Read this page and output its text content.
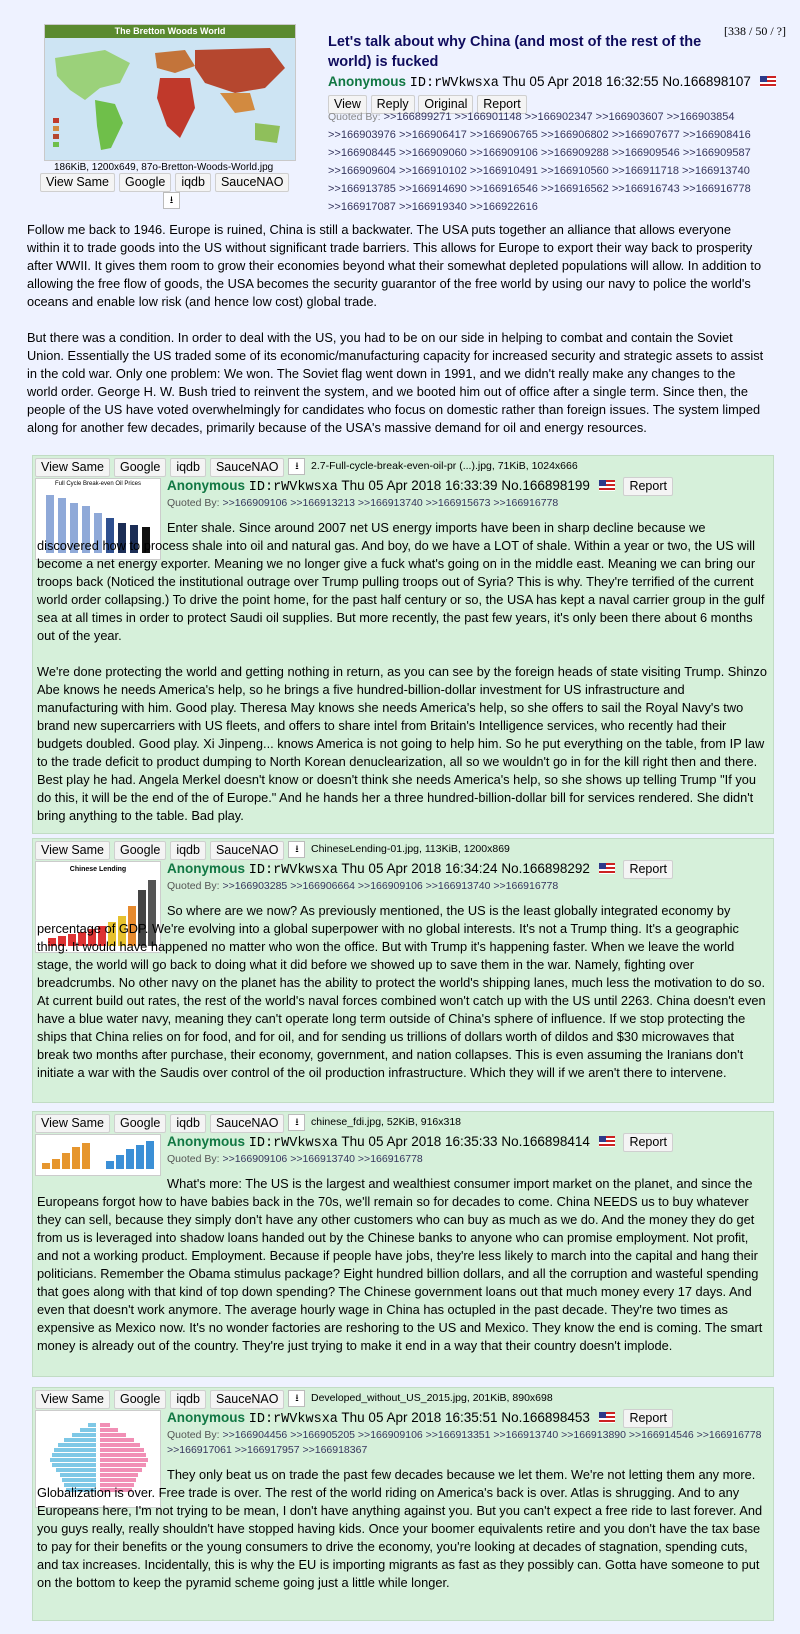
[338 / 50 / ?]
The Bretton Woods World
186KiB, 1200x649, 87o-Bretton-Woods-World.jpg
View Same	Google	iqdb	SauceNAO
⭳
Let's talk about why China (and most of the rest of the world) is fucked
Anonymous ID:rWVkwsxa Thu 05 Apr 2018 16:32:55 No.166898107  View Reply Original Report
Quoted By: >>166899271 >>166901148 >>166902347 >>166903607 >>166903854 >>166903976 >>166906417 >>166906765 >>166906802 >>166907677 >>166908416 >>166908445 >>166909060 >>166909106 >>166909288 >>166909546 >>166909587 >>166909604 >>166910102 >>166910491 >>166910560 >>166911718 >>166913740 >>166913785 >>166914690 >>166916546 >>166916562 >>166916743 >>166916778 >>166917087 >>166919340 >>166922616
Follow me back to 1946. Europe is ruined, China is still a backwater. The USA puts together an alliance that allows everyone within it to trade goods into the US without significant trade barriers. This allows for Europe to export their way back to prosperity after WWII. It gives them room to grow their economies beyond what their somewhat depleted populations will allow. In addition to allowing the free flow of goods, the USA becomes the security guarantor of the free world by using our navy to police the world's oceans and enable low risk (and hence low cost) global trade.
But there was a condition. In order to deal with the US, you had to be on our side in helping to combat and contain the Soviet Union. Essentially the US traded some of its economic/manufacturing capacity for increased security and strategic assets to assist in the cold war. Only one problem: We won. The Soviet flag went down in 1991, and we didn't really make any changes to the world order. George H. W. Bush tried to reinvent the system, and we booted him out of office after a single term. Since then, the people of the US have voted overwhelmingly for candidates who focus on domestic rather than foreign issues. The system limped along for another few decades, primarily because of the USA's massive demand for oil and energy resources.
View Same	Google	iqdb	SauceNAO	⭳	2.7-Full-cycle-break-even-oil-pr (...).jpg, 71KiB, 1024x666
Full Cycle Break-even Oil Prices	Anonymous ID:rWVkwsxa Thu 05 Apr 2018 16:33:39 No.166898199	Report
Quoted By: >>166909106 >>166913213 >>166913740 >>166915673 >>166916778
Enter shale. Since around 2007 net US energy imports have been in sharp decline because we discovered how to process shale into oil and natural gas. And boy, do we have a LOT of shale. Within a year or two, the US will become a net energy exporter. Meaning we no longer give a fuck what's going on in the middle east. Meaning we can bring our troops back (Noticed the institutional outrage over Trump pulling troops out of Syria? This is why. They're terrified of the current world order collapsing.) To drive the point home, for the past half century or so, the USA has kept a naval carrier group in the gulf sea at all times in order to protect Saudi oil supplies. But more recently, the past few years, it's only been there about 6 months out of the year.
We're done protecting the world and getting nothing in return, as you can see by the foreign heads of state visiting Trump. Shinzo Abe knows he needs America's help, so he brings a five hundred-billion-dollar investment for US infrastructure and manufacturing with him. Good play. Theresa May knows she needs America's help, so she offers to sail the Royal Navy's two brand new supercarriers with US fleets, and offers to share intel from Britain's Intelligence services, who recently had their budgets doubled. Good play. Xi Jinpeng... knows America is not going to help him. So he put everything on the table, from IP law to the trade deficit to product dumping to North Korean denuclearization, all so we wouldn't go in for the kill right then and there. Best play he had. Angela Merkel doesn't know or doesn't think she needs America's help, so she shows up telling Trump "If you do this, it will be the end of the of Europe." And he hands her a three hundred-billion-dollar bill for services rendered. She didn't bring anything to the table. Bad play.
View Same	Google	iqdb	SauceNAO	⭳	ChineseLending-01.jpg, 113KiB, 1200x869
Chinese Lending	Anonymous ID:rWVkwsxa Thu 05 Apr 2018 16:34:24 No.166898292	Report
Quoted By: >>166903285 >>166906664 >>166909106 >>166913740 >>166916778
So where are we now? As previously mentioned, the US is the least globally integrated economy by percentage of GDP. We're evolving into a global superpower with no global interests. It's not a Trump thing. It's a geographic thing. It would have happened no matter who won the office. But with Trump it's happening faster. When we leave the world stage, the world will go back to doing what it did before we showed up to save them in the war. Namely, fighting over breadcrumbs. No other navy on the planet has the ability to protect the world's shipping lanes, much less the motivation to do so. At current build out rates, the rest of the world's naval forces combined won't catch up with the US until 2263. China doesn't even have a blue water navy, meaning they can't operate long term outside of China's sphere of influence. If we stop protecting the ships that China relies on for food, and for oil, and for sending us trillions of dollars worth of dildos and $30 microwaves that break two months after purchase, their economy, government, and nation collapses. This is even assuming the Iranians don't initiate a war with the Saudis over control of the oil production infrastructure. Which they will if we aren't there to intervene.
View Same	Google	iqdb	SauceNAO	⭳	chinese_fdi.jpg, 52KiB, 916x318
Anonymous ID:rWVkwsxa Thu 05 Apr 2018 16:35:33 No.166898414	Report
Quoted By: >>166909106 >>166913740 >>166916778
What's more: The US is the largest and wealthiest consumer import market on the planet, and since the Europeans forgot how to have babies back in the 70s, we'll remain so for decades to come. China NEEDS us to buy whatever they can sell, because they simply don't have any other customers who can buy as much as we do. And the money they do get from us is leveraged into shadow loans handed out by the Chinese banks to anyone who can promise employment. Not profit, and not a working product. Employment. Because if people have jobs, they're less likely to march into the capital and hang their politicians. Remember the Obama stimulus package? Eight hundred billion dollars, and all the corruption and wasteful spending that goes along with that kind of top down spending? The Chinese government loans out that much money every 17 days. And even that doesn't work anymore. The average hourly wage in China has octupled in the past decade. They're two times as expensive as Mexico now. It's no wonder factories are reshoring to the US and Mexico. They know the end is coming. The smart money is already out of the country. They're just trying to make it end in a way that their country doesn't implode.
View Same	Google	iqdb	SauceNAO	⭳	Developed_without_US_2015.jpg, 201KiB, 890x698
Anonymous ID:rWVkwsxa Thu 05 Apr 2018 16:35:51 No.166898453	Report
Quoted By: >>166904456 >>166905205 >>166909106 >>166913351 >>166913740 >>166913890 >>166914546 >>166916778 >>166917061 >>166917957 >>166918367
They only beat us on trade the past few decades because we let them. We're not letting them any more. Globalization is over. Free trade is over. The rest of the world riding on America's back is over. Atlas is shrugging. And to any Europeans here, I'm not trying to be mean, I don't have anything against you. But you can't expect a free ride to last forever. And you guys really, really shouldn't have stopped having kids. Once your boomer equivalents retire and you don't have the tax base to pay for their benefits or the young consumers to drive the economy, you're looking at decades of stagnation, spending cuts, and tax increases. Incidentally, this is why the EU is importing migrants as fast as they possibly can. Gotta have someone to put on the bottom to keep the pyramid scheme going just a little while longer.
